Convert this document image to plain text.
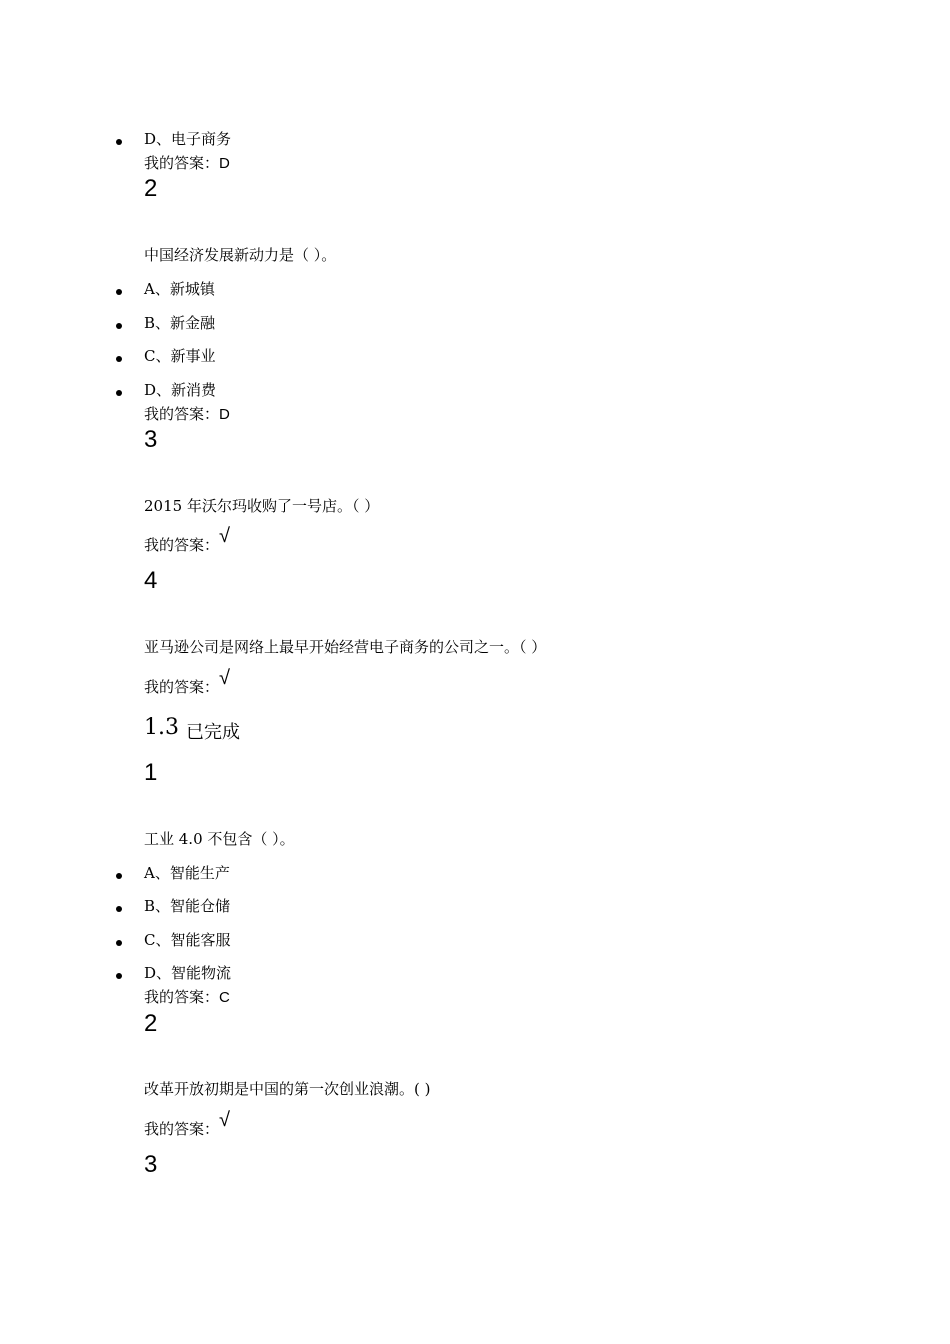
D、电子商务
我的答案：D
2
中国经济发展新动力是（ ）。
A、新城镇
B、新金融
C、新事业
D、新消费
我的答案：D
3
2015 年沃尔玛收购了一号店。（ ）
我的答案：√
4
亚马逊公司是网络上最早开始经营电子商务的公司之一。（ ）
我的答案：√
1.3 已完成
1
工业 4.0 不包含（ ）。
A、智能生产
B、智能仓储
C、智能客服
D、智能物流
我的答案：C
2
改革开放初期是中国的第一次创业浪潮。( )
我的答案：√
3
